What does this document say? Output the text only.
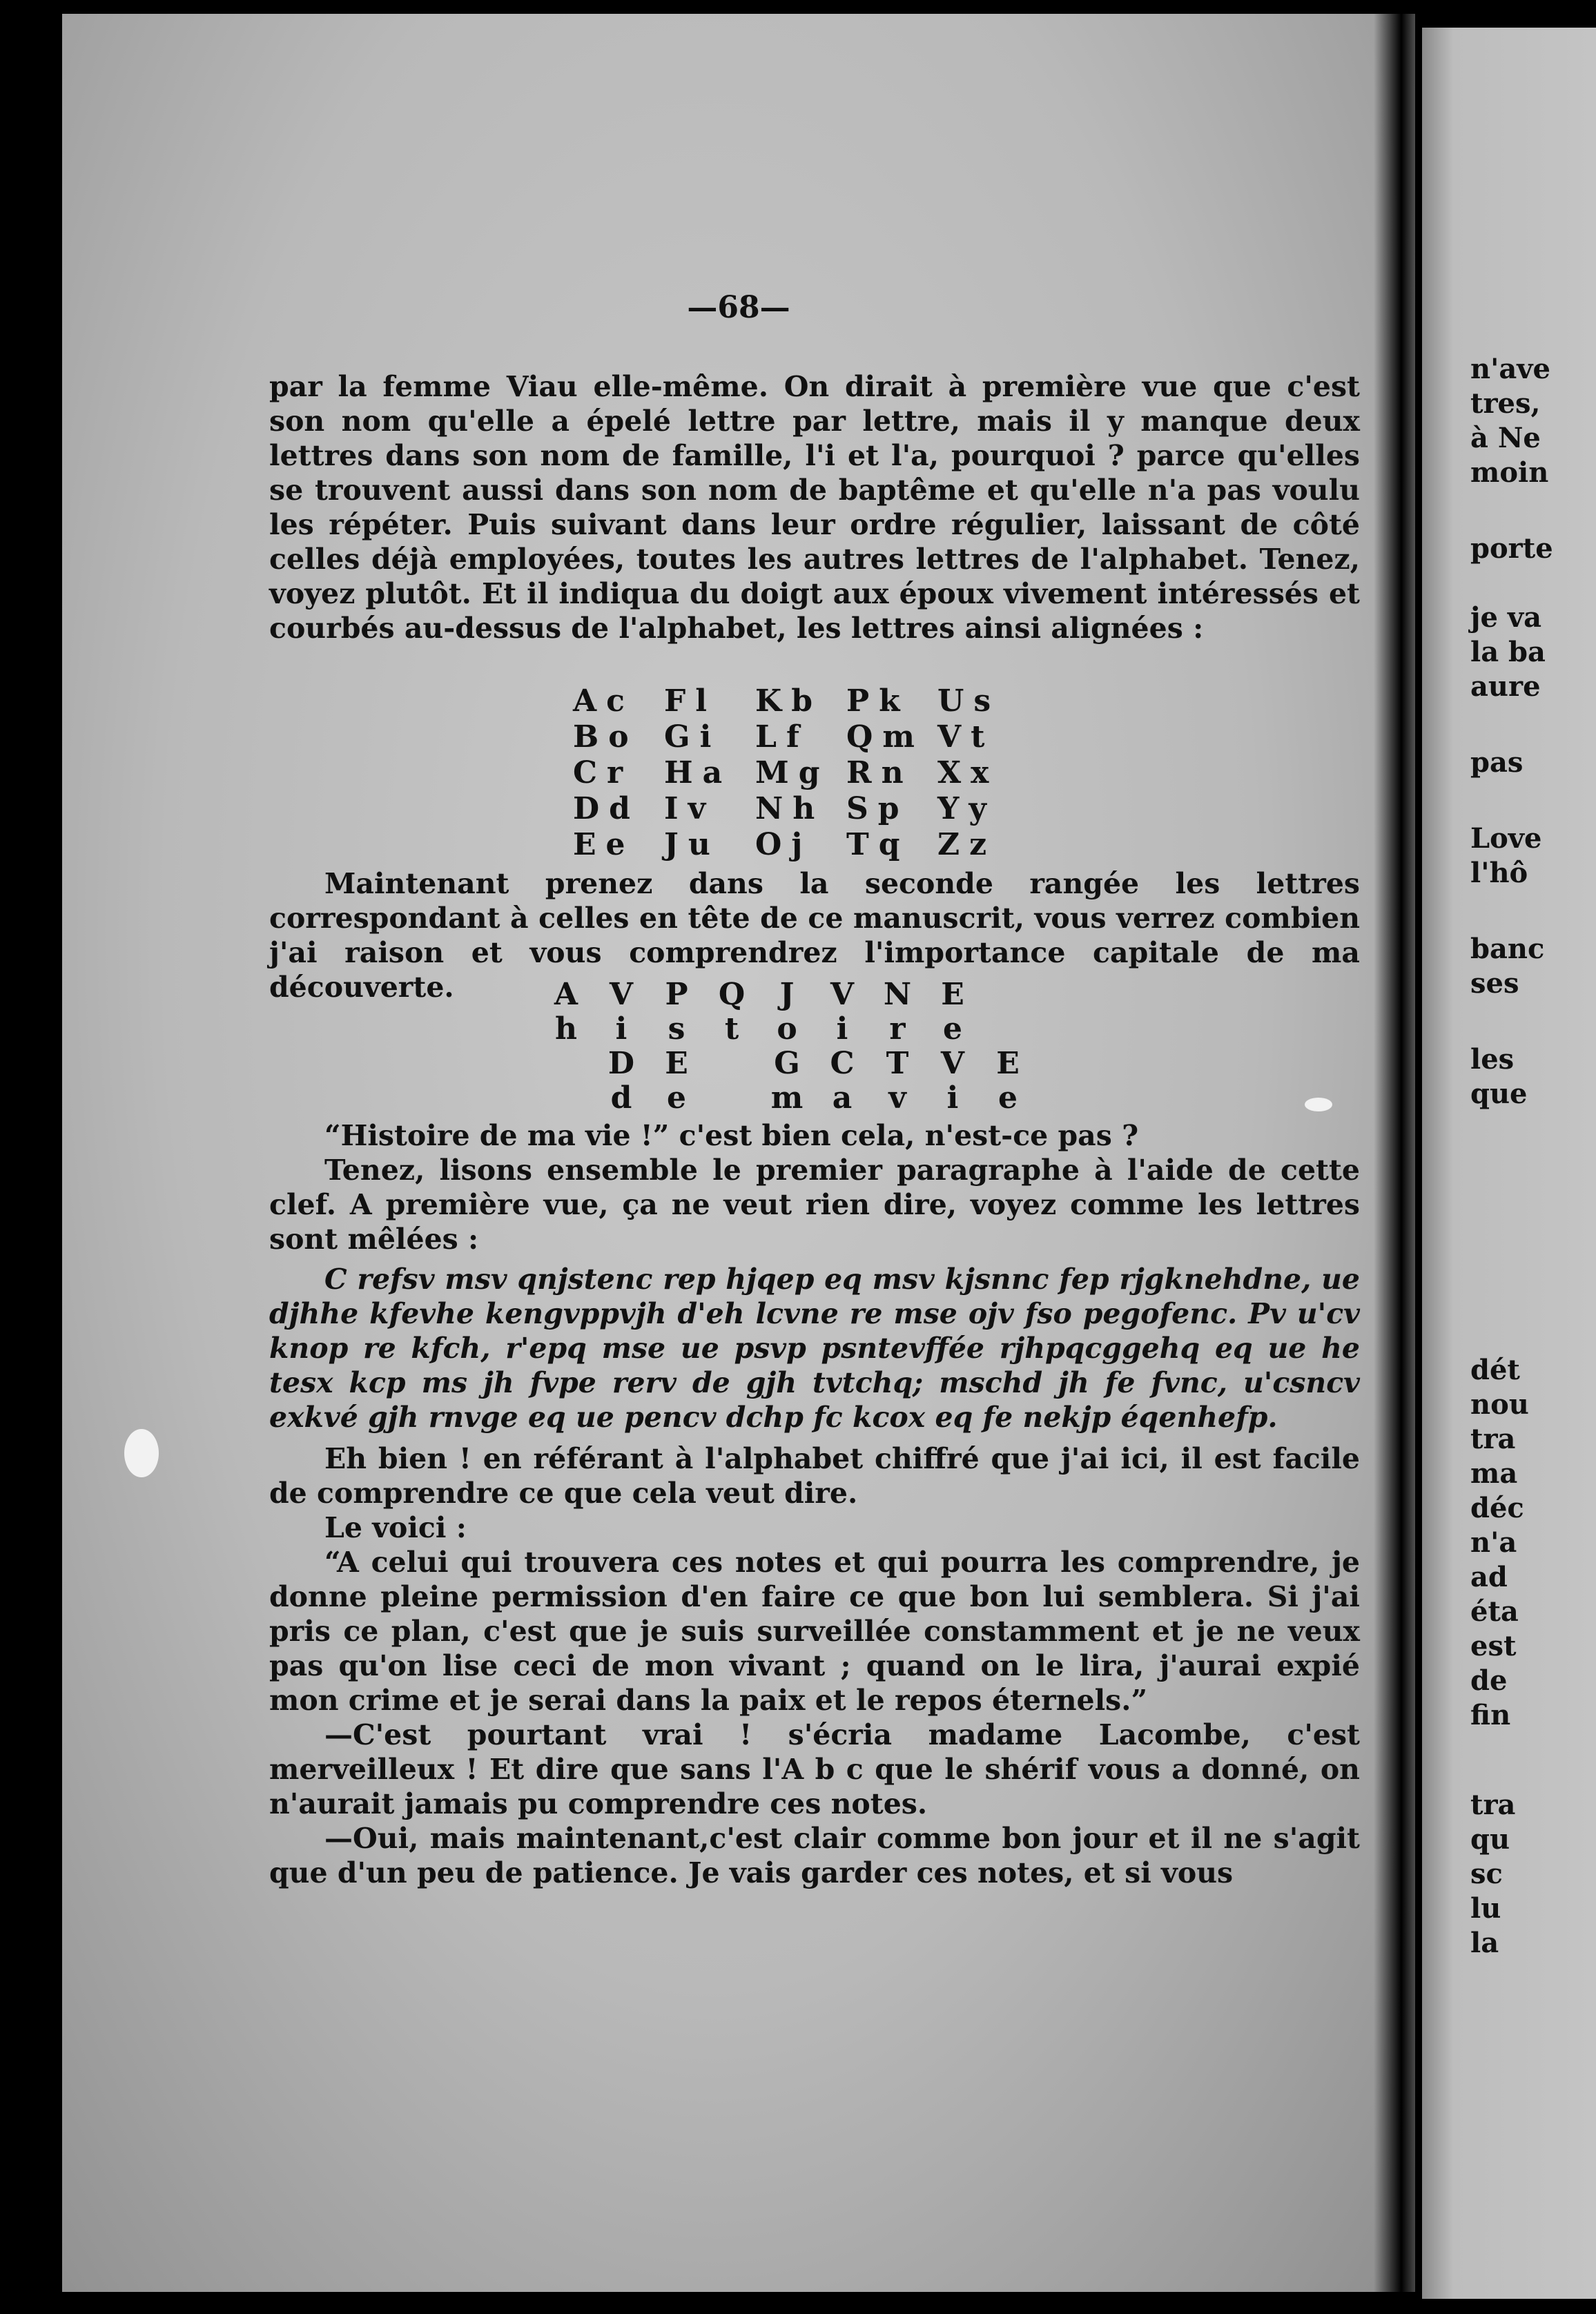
—68—

par la femme Viau elle-même. On dirait à première vue que c'est son nom qu'elle a épelé lettre par lettre, mais il y manque deux lettres dans son nom de famille, l'i et l'a, pourquoi ? parce qu'elles se trouvent aussi dans son nom de baptême et qu'elle n'a pas voulu les répéter. Puis suivant dans leur ordre régulier, laissant de côté celles déjà employées, toutes les autres lettres de l'alphabet. Tenez, voyez plutôt. Et il indiqua du doigt aux époux vivement intéressés et courbés au-dessus de l'alphabet, les lettres ainsi alignées :

Ac Fl Kb Pk Us
Bo Gi Lf Qm Vt
Cr Ha Mg Rn Xx
Dd Iv Nh Sp Yy
Ee Ju Oj Tq Zz

Maintenant prenez dans la seconde rangée les lettres correspondant à celles en tête de ce manuscrit, vous verrez combien j'ai raison et vous comprendrez l'importance capitale de ma découverte.	A V P Q J V N E
h i s t o i r e
D E	G C T V E
d e	m a v i e

“Histoire de ma vie !” c'est bien cela, n'est-ce pas ?

Tenez, lisons ensemble le premier paragraphe à l'aide de cette clef. A première vue, ça ne veut rien dire, voyez comme les lettres sont mêlées :

C refsv msv qnjstenc rep hjqep eq msv kjsnnc fep rjgknehdne, ue djhhe kfevhe kengvppvjh d'eh lcvne re mse ojv fso pegofenc. Pv u'cv knop re kfch, r'epq mse ue psvp psntevffée rjhpqcggehq eq ue he tesx kcp ms jh fvpe rerv de gjh tvtchq; mschd jh fe fvnc, u'csncv exkvé gjh rnvge eq ue pencv dchp fc kcox eq fe nekjp éqenhefp.

Eh bien ! en référant à l'alphabet chiffré que j'ai ici, il est facile de comprendre ce que cela veut dire.

Le voici :

“A celui qui trouvera ces notes et qui pourra les comprendre, je donne pleine permission d'en faire ce que bon lui semblera. Si j'ai pris ce plan, c'est que je suis surveillée constamment et je ne veux pas qu'on lise ceci de mon vivant ; quand on le lira, j'aurai expié mon crime et je serai dans la paix et le repos éternels.”

—C'est pourtant vrai ! s'écria madame Lacombe, c'est merveilleux ! Et dire que sans l'A b c que le shérif vous a donné, on n'aurait jamais pu comprendre ces notes.

—Oui, mais maintenant,c'est clair comme bon jour et il ne s'agit que d'un peu de patience. Je vais garder ces notes, et si vous

n'ave
tres,
à Ne
moin
porte
je va
la ba
aure
pas
Love
l'hô
banc
ses
les
que
dét
nou
tra
ma
déc
n'a
ad
éta
est
de
fin
tra
qu
sc
lu
la
